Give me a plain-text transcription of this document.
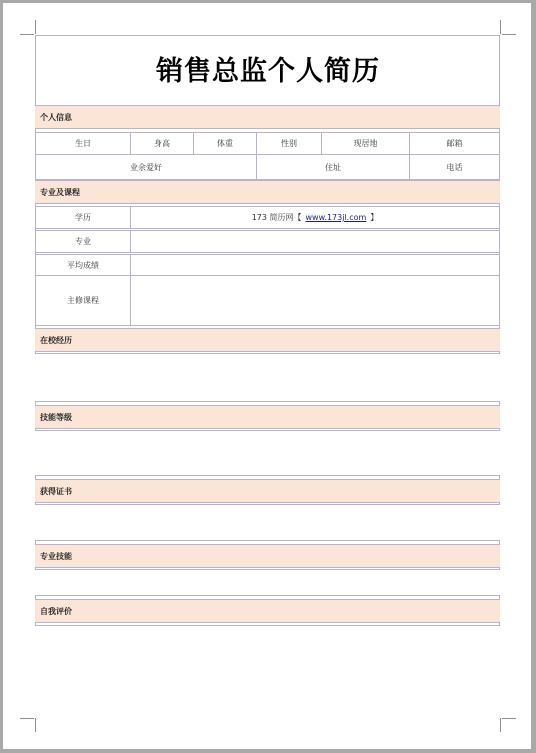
销售总监个人简历
个人信息
生日	身高	体重	性别	现居地	邮箱
业余爱好	住址	电话
专业及课程
学历	173 简历网【 www.173jl.com 】
专业
平均成绩
主修课程
在校经历
技能等级
获得证书
专业技能
自我评价
